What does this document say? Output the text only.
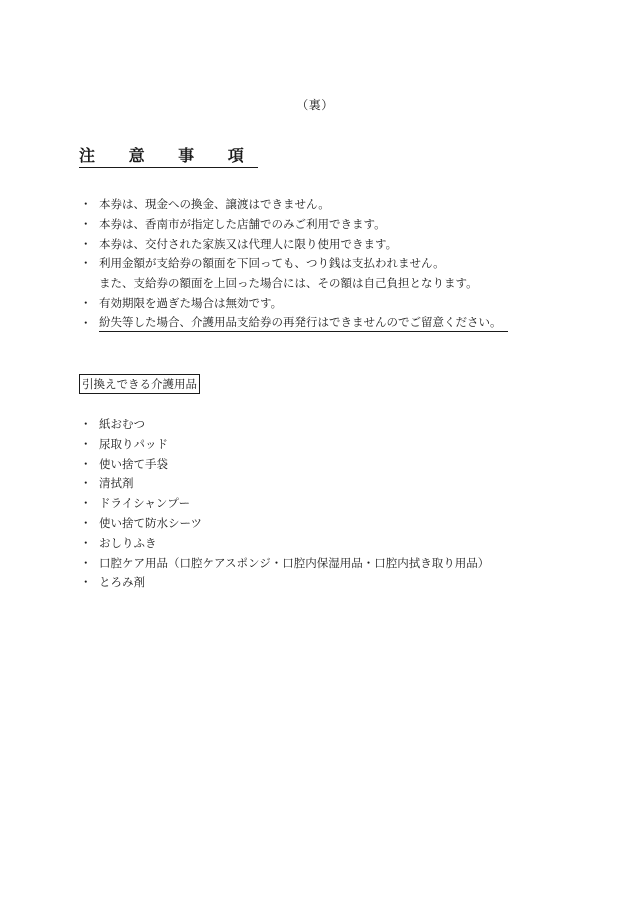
（裏）
注 意 事 項
・ 本券は、現金への換金、譲渡はできません。
・ 本券は、香南市が指定した店舗でのみご利用できます。
・ 本券は、交付された家族又は代理人に限り使用できます。
・ 利用金額が支給券の額面を下回っても、つり銭は支払われません。
また、支給券の額面を上回った場合には、その額は自己負担となります。
・ 有効期限を過ぎた場合は無効です。
・ 紛失等した場合、介護用品支給券の再発行はできませんのでご留意ください。
引換えできる介護用品
・ 紙おむつ
・ 尿取りパッド
・ 使い捨て手袋
・ 清拭剤
・ ドライシャンプー
・ 使い捨て防水シーツ
・ おしりふき
・ 口腔ケア用品（口腔ケアスポンジ・口腔内保湿用品・口腔内拭き取り用品）
・ とろみ剤
